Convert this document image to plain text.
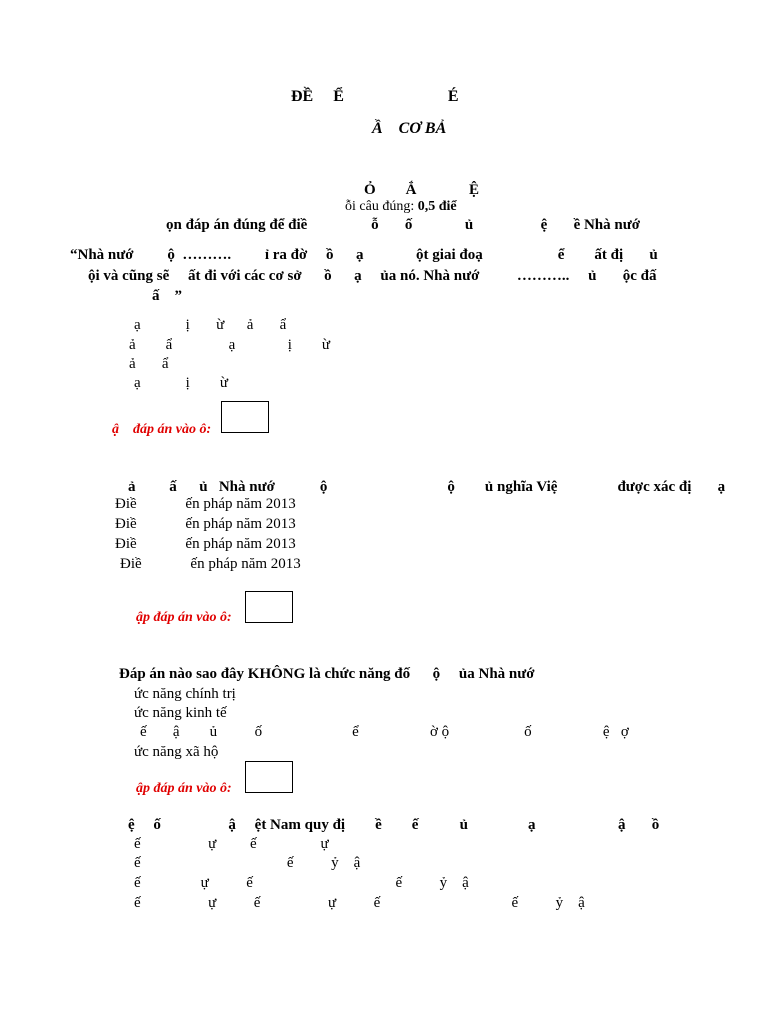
ĐỀ     Ể                          É

Ầ    CƠ BẢ

Ỏ        Ắ              Ệ

ỗi câu đúng: 0,5 điể

ọn đáp án đúng để điề                 ỗ       ố              ủ                  ệ       ề Nhà nướ

“Nhà nướ         ộ  ……….         ỉ ra đờ     ồ      ạ              ột giai đoạ                    ể        ất đị       ủ

ội và cũng sẽ     ất đi với các cơ sở      ồ      ạ     ủa nó. Nhà nướ          ………..     ủ       ộc đấ

ấ    ”

ạ            ị       ừ      ả       ẩ

ả        ẩ               ạ              ị        ừ

ả       ẩ

ạ            ị        ừ

ậ    đáp án vào ô:

ả         ấ      ủ   Nhà nướ            ộ                                ộ        ủ nghĩa Việ                được xác đị       ạ

Điề             ến pháp năm 2013

Điề             ến pháp năm 2013

Điề             ến pháp năm 2013

Điề             ến pháp năm 2013

ập đáp án vào ô:

Đáp án nào sao đây KHÔNG là chức năng đố      ộ     ủa Nhà nướ

ức năng chính trị

ức năng kinh tế

ế       ậ        ủ          ố                        ể                   ờ ộ                    ố                   ệ   ợ

ức năng xã hộ

ập đáp án vào ô:

ệ     ố                  ậ     ệt Nam quy đị        ề        ế           ủ                ạ                      ậ       ồ

ế                  ự         ế                 ự

ế                                       ế          ỷ    ậ

ế                ự          ế                                      ế          ỷ    ậ

ế                  ự          ế                  ự          ế                                   ế          ỷ    ậ
